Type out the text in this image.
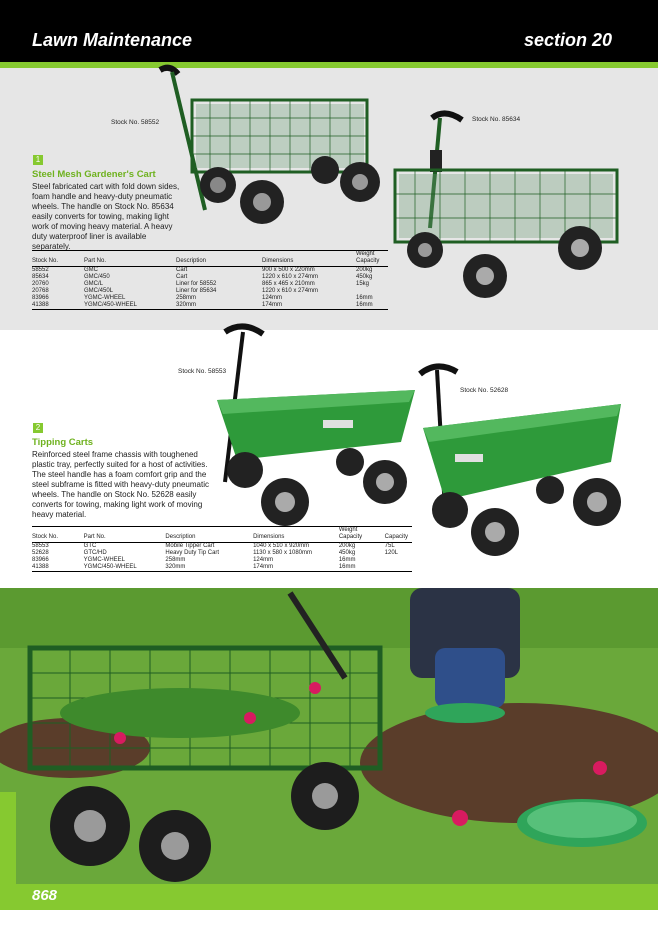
Lawn Maintenance	section 20
Stock No. 58552	Stock No. 85634
1
Steel Mesh Gardener's Cart
Steel fabricated cart with fold down sides, foam handle and heavy-duty pneumatic wheels. The handle on Stock No. 85634 easily converts for towing, making light work of moving heavy material. A heavy duty waterproof liner is available separately.
Stock No.	Part No.	Description	Dimensions	Weight Capacity
58552	GMC	Cart	900 x 500 x 220mm	200kg
85634	GMC/450	Cart	1220 x 610 x 274mm	450kg
20760	GMC/L	Liner for 58552	865 x 465 x 210mm	15kg
20768	GMC/450L	Liner for 85634	1220 x 610 x 274mm	
83966	YGMC-WHEEL	258mm	124mm	16mm
41388	YGMC/450-WHEEL	320mm	174mm	16mm
Stock No. 58553
Stock No. 52628
2
Tipping Carts
Reinforced steel frame chassis with toughened plastic tray, perfectly suited for a host of activities. The steel handle has a foam comfort grip and the steel subframe is fitted with heavy-duty pneumatic wheels. The handle on Stock No. 52628 easily converts for towing, making light work of moving heavy material.
Stock No.	Part No.	Description	Dimensions	Weight Capacity	Capacity
58553	GTC	Mobile Tipper Cart	1040 x 510 x 920mm	200kg	75L
52628	GTC/HD	Heavy Duty Tip Cart	1130 x 580 x 1080mm	450kg	120L
83966	YGMC-WHEEL	258mm	124mm	16mm	
41388	YGMC/450-WHEEL	320mm	174mm	16mm	
868
